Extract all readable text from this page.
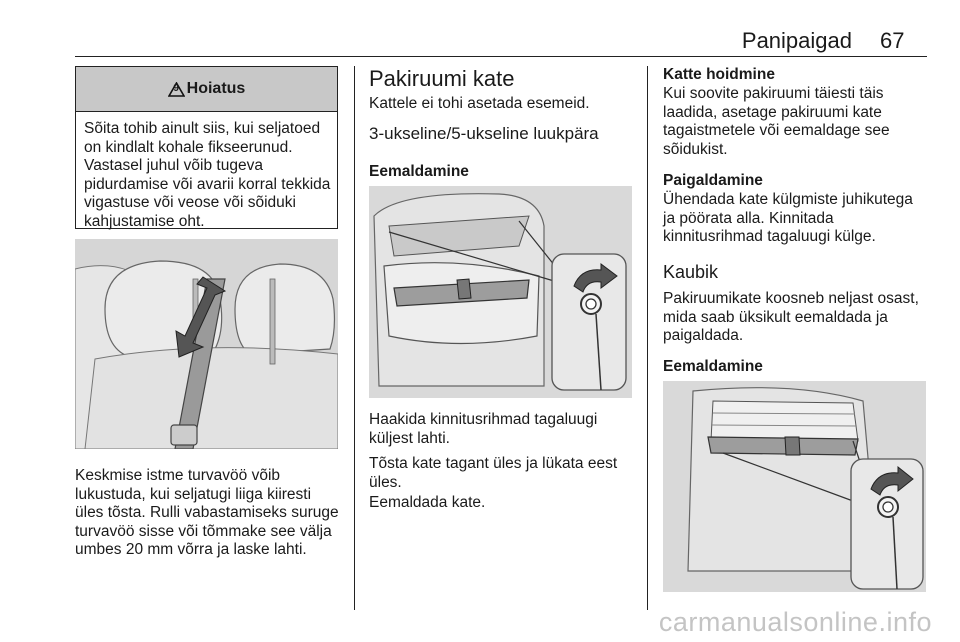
Panipaigad 67
9 Hoiatus

Sõita tohib ainult siis, kui seljatoed on kindlalt kohale fikseerunud. Vastasel juhul võib tugeva pidurdamise või avarii korral tekkida vigastuse või veose või sõiduki kahjustamise oht.

Keskmise istme turvavöö võib lukustuda, kui seljatugi liiga kiiresti üles tõsta. Rulli vabastamiseks suruge turvavöö sisse või tõmmake see välja umbes 20 mm võrra ja laske lahti.

Pakiruumi kate

Kattele ei tohi asetada esemeid.

3-ukseline/5-ukseline luukpära
Eemaldamine

Haakida kinnitusrihmad tagaluugi küljest lahti.

Tõsta kate tagant üles ja lükata eest üles.

Eemaldada kate.

Katte hoidmine

Kui soovite pakiruumi täiesti täis laadida, asetage pakiruumi kate tagaistmetele või eemaldage see sõidukist.

Paigaldamine

Ühendada kate külgmiste juhikutega ja pöörata alla. Kinnitada kinnitusrihmad tagaluugi külge.

Kaubik

Pakiruumikate koosneb neljast osast, mida saab üksikult eemaldada ja paigaldada.

Eemaldamine
carmanualsonline.info
